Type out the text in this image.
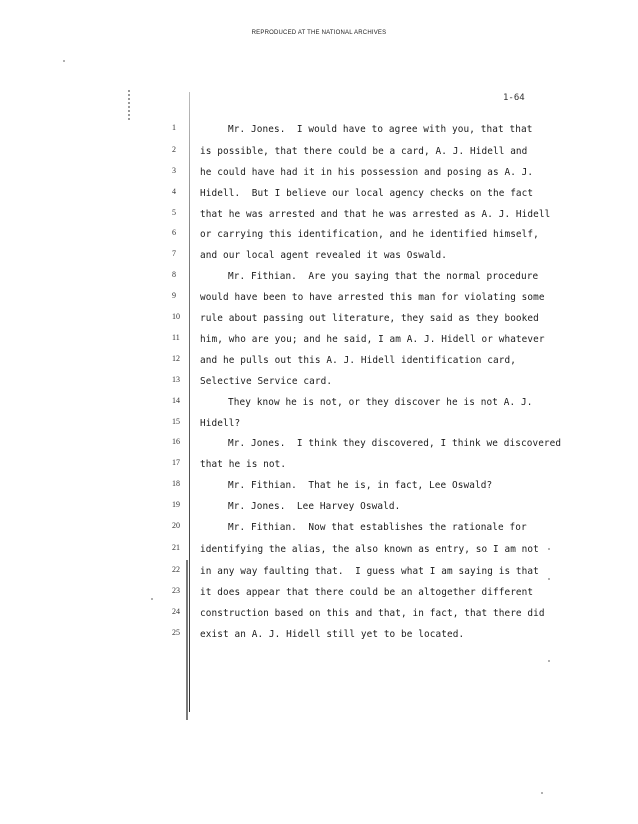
REPRODUCED AT THE NATIONAL ARCHIVES
1-64
1
2
3
4
5
6
7
8
9
10
11
12
13
14
15
16
17
18
19
20
21
22
23
24
25
Mr. Jones.  I would have to agree with you, that that
is possible, that there could be a card, A. J. Hidell and
he could have had it in his possession and posing as A. J.
Hidell.  But I believe our local agency checks on the fact
that he was arrested and that he was arrested as A. J. Hidell
or carrying this identification, and he identified himself,
and our local agent revealed it was Oswald.
Mr. Fithian.  Are you saying that the normal procedure
would have been to have arrested this man for violating some
rule about passing out literature, they said as they booked
him, who are you; and he said, I am A. J. Hidell or whatever
and he pulls out this A. J. Hidell identification card,
Selective Service card.
They know he is not, or they discover he is not A. J.
Hidell?
Mr. Jones.  I think they discovered, I think we discovered
that he is not.
Mr. Fithian.  That he is, in fact, Lee Oswald?
Mr. Jones.  Lee Harvey Oswald.
Mr. Fithian.  Now that establishes the rationale for
identifying the alias, the also known as entry, so I am not
in any way faulting that.  I guess what I am saying is that
it does appear that there could be an altogether different
construction based on this and that, in fact, that there did
exist an A. J. Hidell still yet to be located.
